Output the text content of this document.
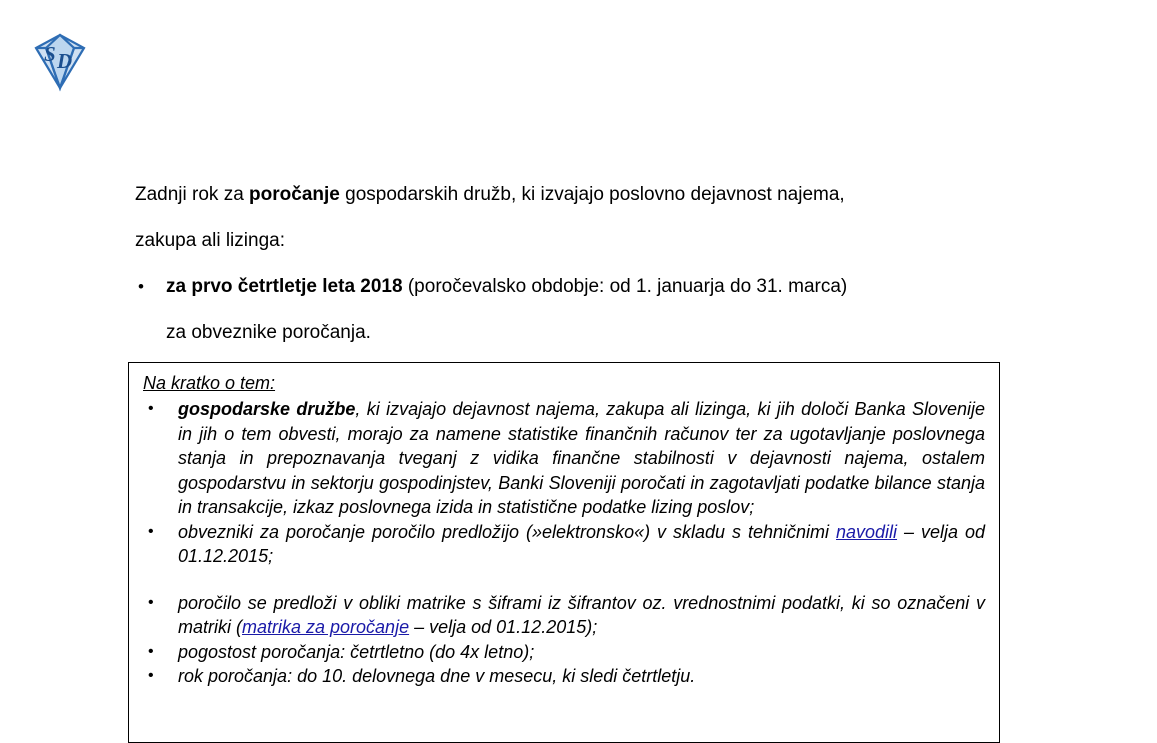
S D

Zadnji rok za poročanje gospodarskih družb, ki izvajajo poslovno dejavnost najema,

zakupa ali lizinga:

• za prvo četrtletje leta 2018 (poročevalsko obdobje: od 1. januarja do 31. marca)
za obveznike poročanja.
Na kratko o tem:
• gospodarske družbe, ki izvajajo dejavnost najema, zakupa ali lizinga, ki jih določi Banka Slovenije in jih o tem obvesti, morajo za namene statistike finančnih računov ter za ugotavljanje poslovnega stanja in prepoznavanja tveganj z vidika finančne stabilnosti v dejavnosti najema, ostalem gospodarstvu in sektorju gospodinjstev, Banki Sloveniji poročati in zagotavljati podatke bilance stanja in transakcije, izkaz poslovnega izida in statistične podatke lizing poslov;
• obvezniki za poročanje poročilo predložijo (»elektronsko«) v skladu s tehničnimi navodili – velja od 01.12.2015;
• poročilo se predloži v obliki matrike s šiframi iz šifrantov oz. vrednostnimi podatki, ki so označeni v matriki (matrika za poročanje – velja od 01.12.2015);
• pogostost poročanja: četrtletno (do 4x letno);
• rok poročanja: do 10. delovnega dne v mesecu, ki sledi četrtletju.
